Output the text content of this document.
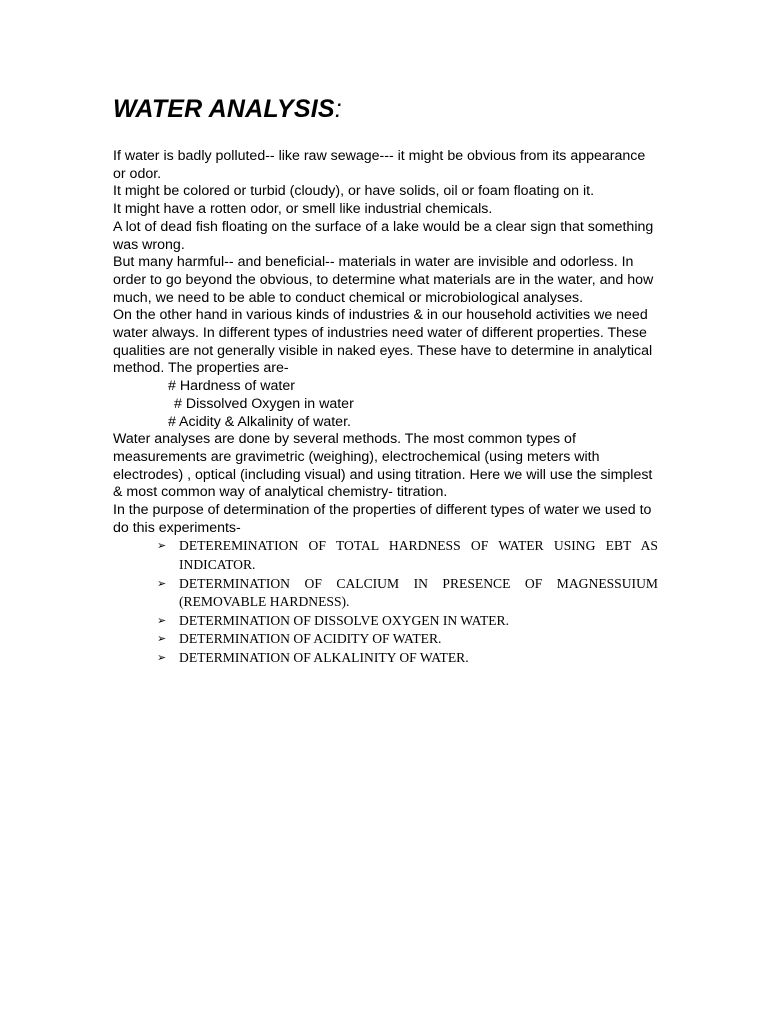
WATER ANALYSIS:

If water is badly polluted-- like raw sewage--- it might be obvious from its appearance or odor.

It might be colored or turbid (cloudy), or have solids, oil or foam floating on it.

It might have a rotten odor, or smell like industrial chemicals.

A lot of dead fish floating on the surface of a lake would be a clear sign that something was wrong.

But many harmful-- and beneficial-- materials in water are invisible and odorless. In order to go beyond the obvious, to determine what materials are in the water, and how much, we need to be able to conduct chemical or microbiological analyses.

On the other hand in various kinds of industries & in our household activities we need water always. In different types of industries need water of different properties. These qualities are not generally visible in naked eyes. These have to determine in analytical method. The properties are-

# Hardness of water

# Dissolved Oxygen in water

# Acidity & Alkalinity of water.

Water analyses are done by several methods. The most common types of measurements are gravimetric (weighing), electrochemical (using meters with electrodes) , optical (including visual) and using titration. Here we will use the simplest & most common way of analytical chemistry- titration.

In the purpose of determination of the properties of different types of water we used to do this experiments-

➢ DETEREMINATION OF TOTAL HARDNESS OF WATER USING EBT AS INDICATOR.
➢ DETERMINATION OF CALCIUM IN PRESENCE OF MAGNESSUIUM (REMOVABLE HARDNESS).
➢ DETERMINATION OF DISSOLVE OXYGEN IN WATER.
➢ DETERMINATION OF ACIDITY OF WATER.
➢ DETERMINATION OF ALKALINITY OF WATER.
